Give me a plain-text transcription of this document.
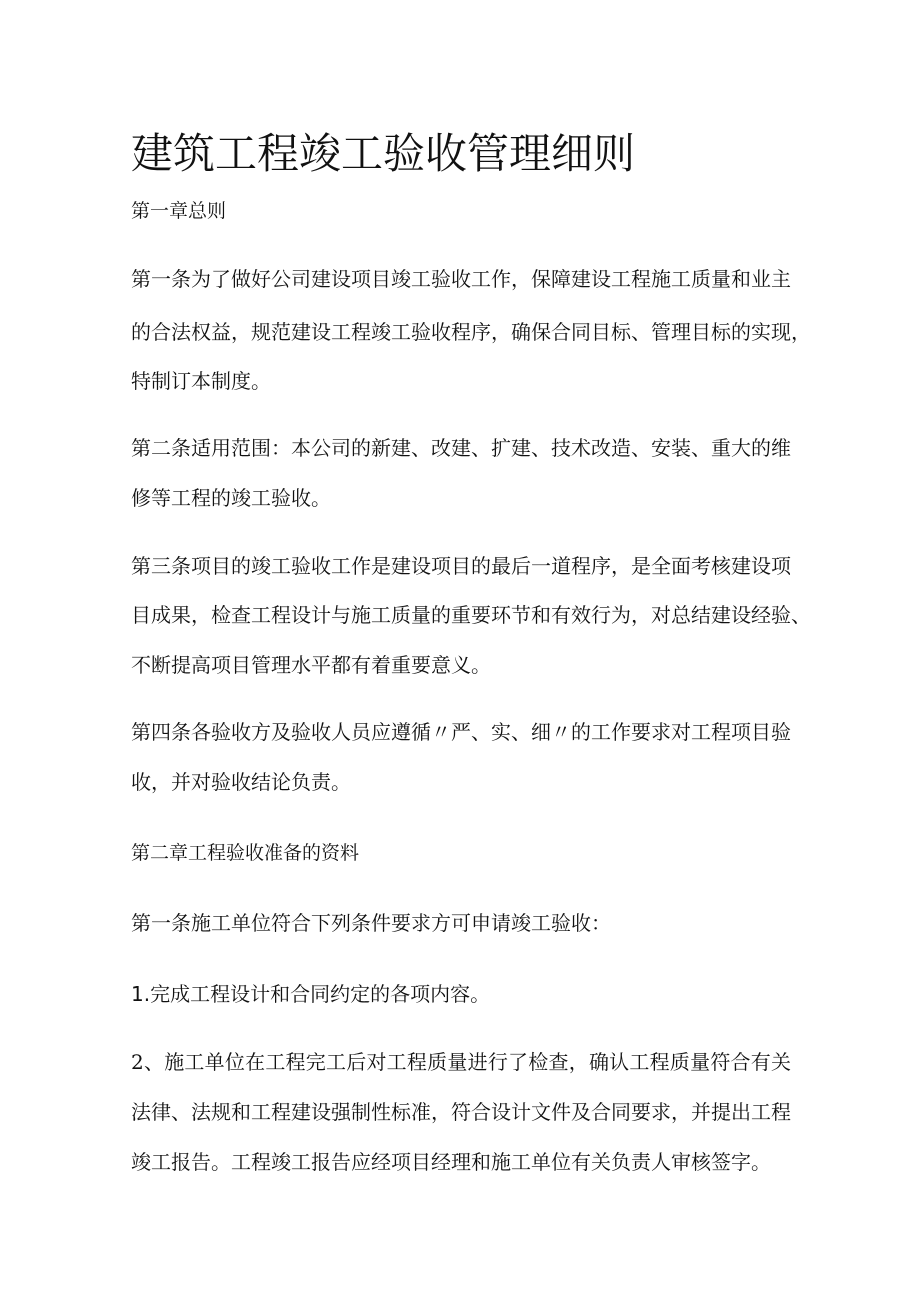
建筑工程竣工验收管理细则

第一章总则

第一条为了做好公司建设项目竣工验收工作，保障建设工程施工质量和业主

的合法权益，规范建设工程竣工验收程序，确保合同目标、管理目标的实现，

特制订本制度。

第二条适用范围：本公司的新建、改建、扩建、技术改造、安装、重大的维

修等工程的竣工验收。

第三条项目的竣工验收工作是建设项目的最后一道程序，是全面考核建设项

目成果，检查工程设计与施工质量的重要环节和有效行为，对总结建设经验、

不断提高项目管理水平都有着重要意义。

第四条各验收方及验收人员应遵循〃严、实、细〃的工作要求对工程项目验

收，并对验收结论负责。

第二章工程验收准备的资料

第一条施工单位符合下列条件要求方可申请竣工验收：

1.完成工程设计和合同约定的各项内容。

2、施工单位在工程完工后对工程质量进行了检查，确认工程质量符合有关

法律、法规和工程建设强制性标准，符合设计文件及合同要求，并提出工程

竣工报告。工程竣工报告应经项目经理和施工单位有关负责人审核签字。
